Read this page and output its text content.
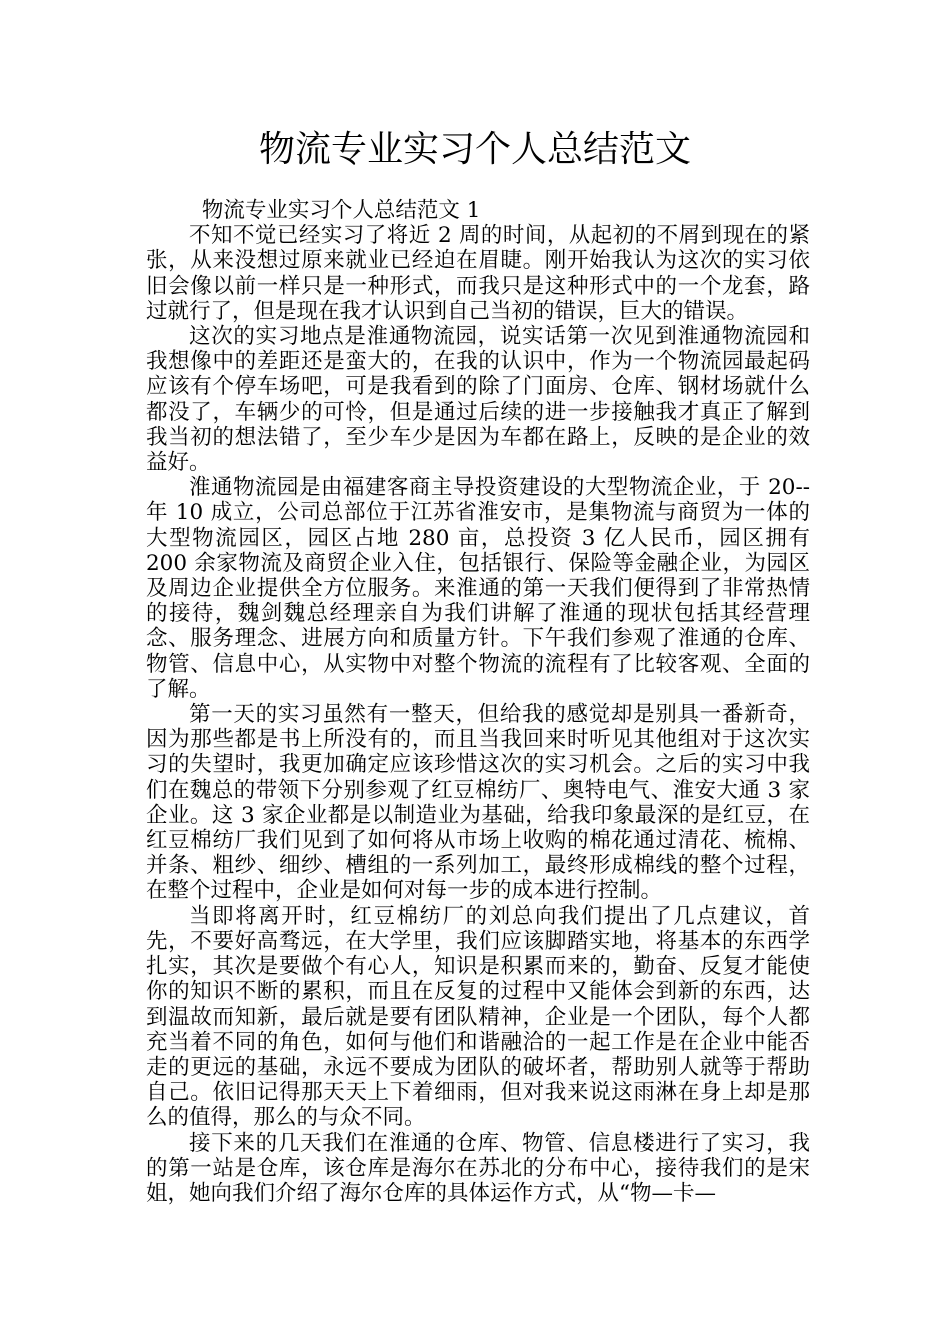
物流专业实习个人总结范文

物流专业实习个人总结范文 1

不知不觉已经实习了将近 2 周的时间，从起初的不屑到现在的紧张，从来没想过原来就业已经迫在眉睫。刚开始我认为这次的实习依旧会像以前一样只是一种形式，而我只是这种形式中的一个龙套，路过就行了，但是现在我才认识到自己当初的错误，巨大的错误。

这次的实习地点是淮通物流园，说实话第一次见到淮通物流园和我想像中的差距还是蛮大的，在我的认识中，作为一个物流园最起码应该有个停车场吧，可是我看到的除了门面房、仓库、钢材场就什么都没了，车辆少的可怜，但是通过后续的进一步接触我才真正了解到我当初的想法错了，至少车少是因为车都在路上，反映的是企业的效益好。

淮通物流园是由福建客商主导投资建设的大型物流企业，于 20--年 10 成立，公司总部位于江苏省淮安市，是集物流与商贸为一体的大型物流园区，园区占地 280 亩，总投资 3 亿人民币，园区拥有 200 余家物流及商贸企业入住，包括银行、保险等金融企业，为园区及周边企业提供全方位服务。来淮通的第一天我们便得到了非常热情的接待，魏剑魏总经理亲自为我们讲解了淮通的现状包括其经营理念、服务理念、进展方向和质量方针。下午我们参观了淮通的仓库、物管、信息中心，从实物中对整个物流的流程有了比较客观、全面的了解。

第一天的实习虽然有一整天，但给我的感觉却是别具一番新奇，因为那些都是书上所没有的，而且当我回来时听见其他组对于这次实习的失望时，我更加确定应该珍惜这次的实习机会。之后的实习中我们在魏总的带领下分别参观了红豆棉纺厂、奥特电气、淮安大通 3 家企业。这 3 家企业都是以制造业为基础，给我印象最深的是红豆，在红豆棉纺厂我们见到了如何将从市场上收购的棉花通过清花、梳棉、并条、粗纱、细纱、槽组的一系列加工，最终形成棉线的整个过程，在整个过程中，企业是如何对每一步的成本进行控制。

当即将离开时，红豆棉纺厂的刘总向我们提出了几点建议，首先，不要好高骛远，在大学里，我们应该脚踏实地，将基本的东西学扎实，其次是要做个有心人，知识是积累而来的，勤奋、反复才能使你的知识不断的累积，而且在反复的过程中又能体会到新的东西，达到温故而知新，最后就是要有团队精神，企业是一个团队，每个人都充当着不同的角色，如何与他们和谐融洽的一起工作是在企业中能否走的更远的基础，永远不要成为团队的破坏者，帮助别人就等于帮助自己。依旧记得那天天上下着细雨，但对我来说这雨淋在身上却是那么的值得，那么的与众不同。

接下来的几天我们在淮通的仓库、物管、信息楼进行了实习，我的第一站是仓库，该仓库是海尔在苏北的分布中心，接待我们的是宋姐，她向我们介绍了海尔仓库的具体运作方式，从“物—卡—
